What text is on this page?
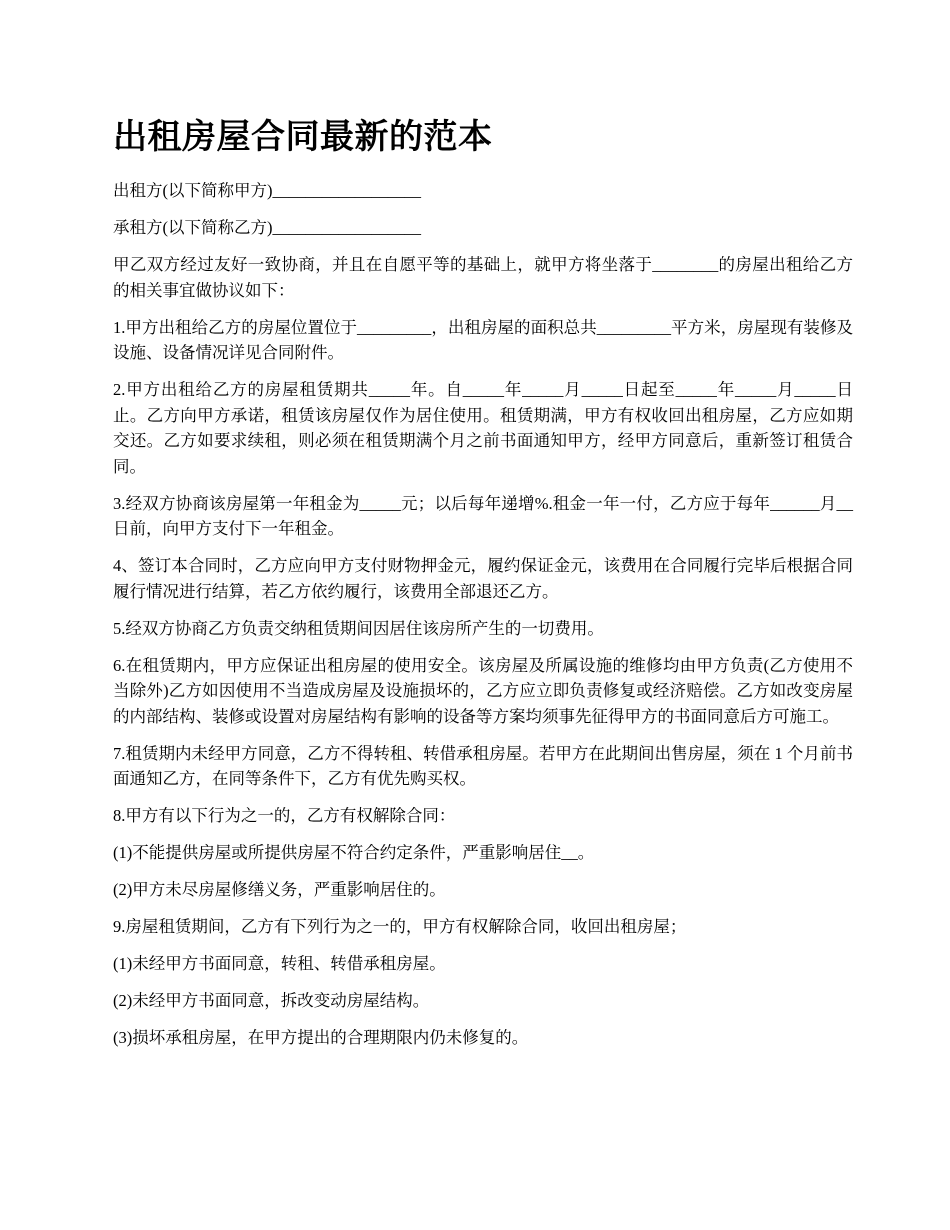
出租房屋合同最新的范本

出租方(以下简称甲方)__________________

承租方(以下简称乙方)__________________

甲乙双方经过友好一致协商，并且在自愿平等的基础上，就甲方将坐落于________的房屋出租给乙方的相关事宜做协议如下：

1.甲方出租给乙方的房屋位置位于_________，出租房屋的面积总共_________平方米，房屋现有装修及设施、设备情况详见合同附件。

2.甲方出租给乙方的房屋租赁期共_____年。自_____年_____月_____日起至_____年_____月_____日止。乙方向甲方承诺，租赁该房屋仅作为居住使用。租赁期满，甲方有权收回出租房屋，乙方应如期交还。乙方如要求续租，则必须在租赁期满个月之前书面通知甲方，经甲方同意后，重新签订租赁合同。

3.经双方协商该房屋第一年租金为_____元；以后每年递增%.租金一年一付，乙方应于每年______月__日前，向甲方支付下一年租金。

4、签订本合同时，乙方应向甲方支付财物押金元，履约保证金元，该费用在合同履行完毕后根据合同履行情况进行结算，若乙方依约履行，该费用全部退还乙方。

5.经双方协商乙方负责交纳租赁期间因居住该房所产生的一切费用。

6.在租赁期内，甲方应保证出租房屋的使用安全。该房屋及所属设施的维修均由甲方负责(乙方使用不当除外)乙方如因使用不当造成房屋及设施损坏的，乙方应立即负责修复或经济赔偿。乙方如改变房屋的内部结构、装修或设置对房屋结构有影响的设备等方案均须事先征得甲方的书面同意后方可施工。

7.租赁期内未经甲方同意，乙方不得转租、转借承租房屋。若甲方在此期间出售房屋，须在 1 个月前书面通知乙方，在同等条件下，乙方有优先购买权。

8.甲方有以下行为之一的，乙方有权解除合同：

(1)不能提供房屋或所提供房屋不符合约定条件，严重影响居住__。

(2)甲方未尽房屋修缮义务，严重影响居住的。

9.房屋租赁期间，乙方有下列行为之一的，甲方有权解除合同，收回出租房屋；

(1)未经甲方书面同意，转租、转借承租房屋。

(2)未经甲方书面同意，拆改变动房屋结构。

(3)损坏承租房屋，在甲方提出的合理期限内仍未修复的。
